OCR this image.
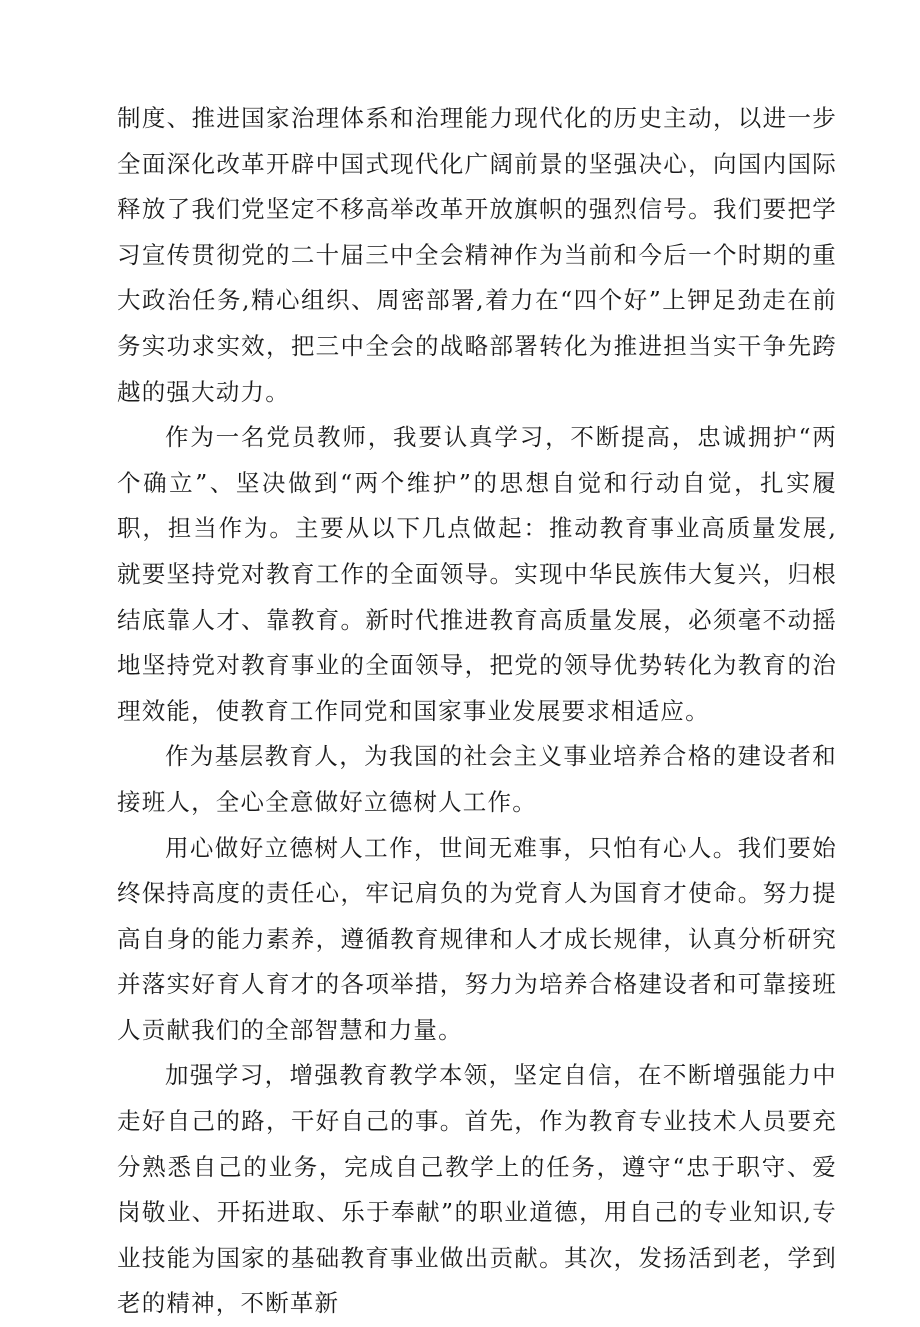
制度、推进国家治理体系和治理能力现代化的历史主动，以进一步全面深化改革开辟中国式现代化广阔前景的坚强决心，向国内国际释放了我们党坚定不移高举改革开放旗帜的强烈信号。我们要把学习宣传贯彻党的二十届三中全会精神作为当前和今后一个时期的重大政治任务,精心组织、周密部署,着力在“四个好”上钾足劲走在前务实功求实效，把三中全会的战略部署转化为推进担当实干争先跨越的强大动力。

作为一名党员教师，我要认真学习，不断提高，忠诚拥护“两个确立”、坚决做到“两个维护”的思想自觉和行动自觉，扎实履职，担当作为。主要从以下几点做起：推动教育事业高质量发展,就要坚持党对教育工作的全面领导。实现中华民族伟大复兴，归根结底靠人才、靠教育。新时代推进教育高质量发展，必须毫不动摇地坚持党对教育事业的全面领导，把党的领导优势转化为教育的治理效能，使教育工作同党和国家事业发展要求相适应。

作为基层教育人，为我国的社会主义事业培养合格的建设者和接班人，全心全意做好立德树人工作。

用心做好立德树人工作，世间无难事，只怕有心人。我们要始终保持高度的责任心，牢记肩负的为党育人为国育才使命。努力提高自身的能力素养，遵循教育规律和人才成长规律，认真分析研究并落实好育人育才的各项举措，努力为培养合格建设者和可靠接班人贡献我们的全部智慧和力量。

加强学习，增强教育教学本领，坚定自信，在不断增强能力中走好自己的路，干好自己的事。首先，作为教育专业技术人员要充分熟悉自己的业务，完成自己教学上的任务，遵守“忠于职守、爱岗敬业、开拓进取、乐于奉献”的职业道德，用自己的专业知识,专业技能为国家的基础教育事业做出贡献。其次，发扬活到老，学到老的精神，不断革新
